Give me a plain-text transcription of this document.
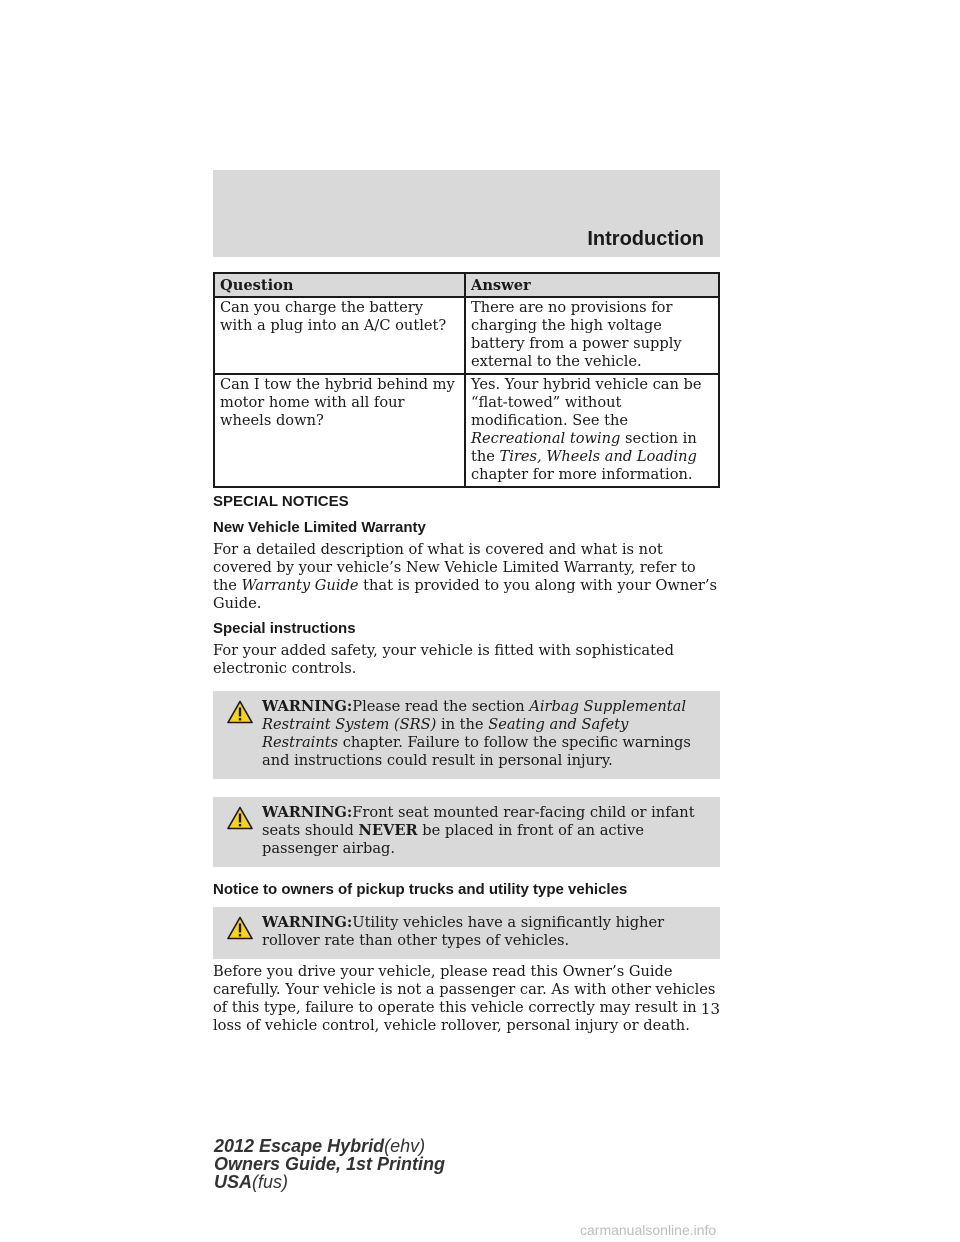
Introduction
Question	Answer
Can you charge the battery with a plug into an A/C outlet?	There are no provisions for charging the high voltage battery from a power supply external to the vehicle.
Can I tow the hybrid behind my motor home with all four wheels down?	Yes. Your hybrid vehicle can be “flat-towed” without modification. See the Recreational towing section in the Tires, Wheels and Loading chapter for more information.
SPECIAL NOTICES
New Vehicle Limited Warranty

For a detailed description of what is covered and what is not covered by your vehicle’s New Vehicle Limited Warranty, refer to the Warranty Guide that is provided to you along with your Owner’s Guide.

Special instructions

For your added safety, your vehicle is fitted with sophisticated electronic controls.

WARNING:Please read the section Airbag Supplemental Restraint System (SRS) in the Seating and Safety Restraints chapter. Failure to follow the specific warnings and instructions could result in personal injury.
WARNING:Front seat mounted rear-facing child or infant seats should NEVER be placed in front of an active passenger airbag.
Notice to owners of pickup trucks and utility type vehicles
WARNING:Utility vehicles have a significantly higher rollover rate than other types of vehicles.

Before you drive your vehicle, please read this Owner’s Guide carefully. Your vehicle is not a passenger car. As with other vehicles of this type, failure to operate this vehicle correctly may result in loss of vehicle control, vehicle rollover, personal injury or death.

13
2012 Escape Hybrid(ehv)
Owners Guide, 1st Printing
USA(fus)
carmanualsonline.info
